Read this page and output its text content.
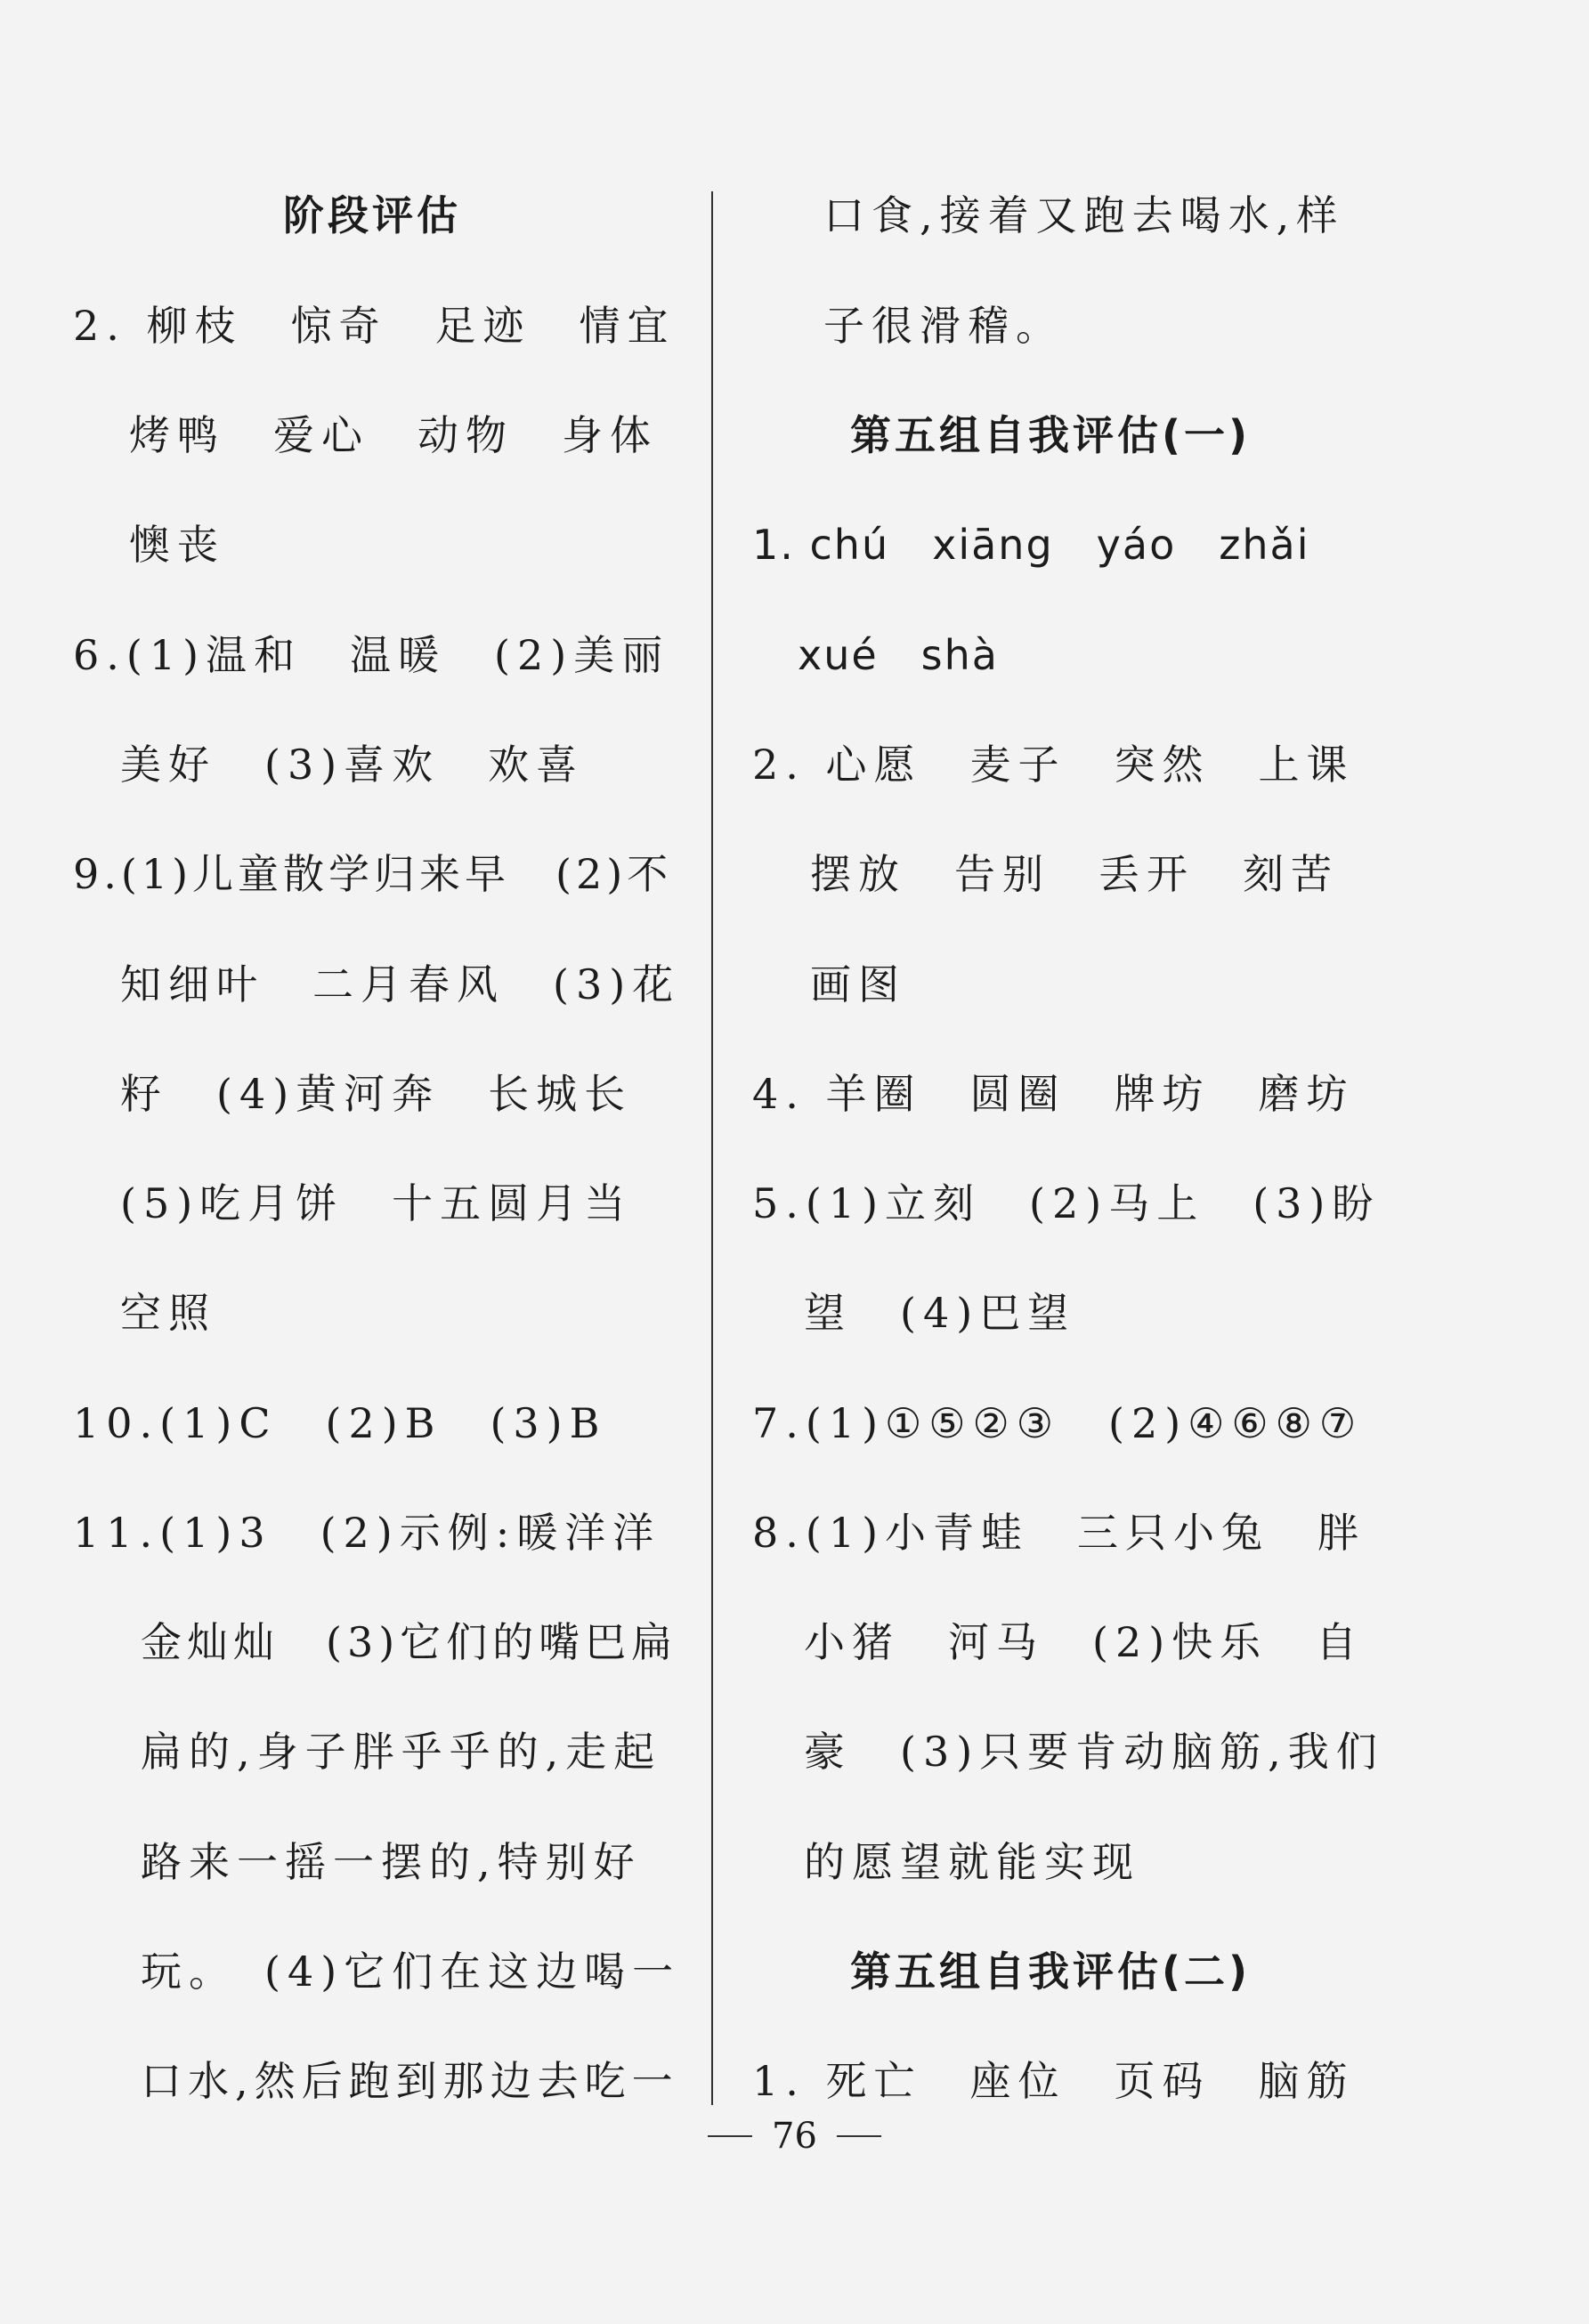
阶段评估
2. 柳枝　惊奇　足迹　情宜
烤鸭　爱心　动物　身体
懊丧
6.(1)温和　温暖　(2)美丽
美好　(3)喜欢　欢喜
9.(1)儿童散学归来早　(2)不
知细叶　二月春风　(3)花
籽　(4)黄河奔　长城长
(5)吃月饼　十五圆月当
空照
10.(1)C　(2)B　(3)B
11.(1)3　(2)示例:暖洋洋
金灿灿　(3)它们的嘴巴扁
扁的,身子胖乎乎的,走起
路来一摇一摆的,特别好
玩。　(4)它们在这边喝一
口水,然后跑到那边去吃一
口食,接着又跑去喝水,样
子很滑稽。
第五组自我评估(一)
1. chú　xiāng　yáo　zhǎi
xué　shà
2. 心愿　麦子　突然　上课
摆放　告别　丢开　刻苦
画图
4. 羊圈　圆圈　牌坊　磨坊
5.(1)立刻　(2)马上　(3)盼
望　(4)巴望
7.(1)①⑤②③　(2)④⑥⑧⑦
8.(1)小青蛙　三只小兔　胖
小猪　河马　(2)快乐　自
豪　(3)只要肯动脑筋,我们
的愿望就能实现
第五组自我评估(二)
1. 死亡　座位　页码　脑筋
76
